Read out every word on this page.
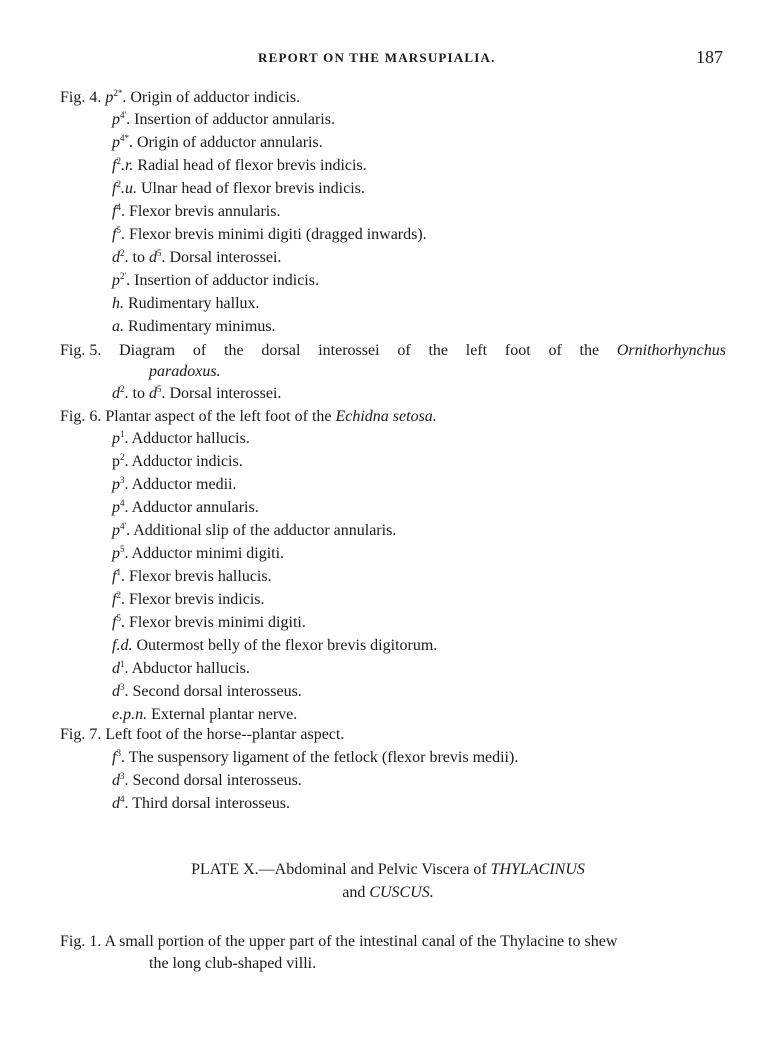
REPORT ON THE MARSUPIALIA.	187
Fig. 4. $p^{2*}$. Origin of adductor indicis.
$p^{4'}$. Insertion of adductor annularis.
$p^{4*}$. Origin of adductor annularis.
$f^2.r$. Radial head of flexor brevis indicis.
$f^2.u$. Ulnar head of flexor brevis indicis.
$f^4$. Flexor brevis annularis.
$f^5$. Flexor brevis minimi digiti (dragged inwards).
$d^2$. to $d^5$. Dorsal interossei.
$p^{2'}$. Insertion of adductor indicis.
h. Rudimentary hallux.
a. Rudimentary minimus.
Fig. 5. Diagram of the dorsal interossei of the left foot of the Ornithorhynchus
paradoxus.
$d^2$. to $d^5$. Dorsal interossei.
Fig. 6. Plantar aspect of the left foot of the Echidna setosa.
$p^1$. Adductor hallucis.
$p^2$. Adductor indicis.
$p^3$. Adductor medii.
$p^4$. Adductor annularis.
$p^{4'}$. Additional slip of the adductor annularis.
$p^5$. Adductor minimi digiti.
$f^1$. Flexor brevis hallucis.
$f^2$. Flexor brevis indicis.
$f^5$. Flexor brevis minimi digiti.
f.d. Outermost belly of the flexor brevis digitorum.
$d^1$. Abductor hallucis.
$d^3$. Second dorsal interosseus.
e.p.n. External plantar nerve.
Fig. 7. Left foot of the horse--plantar aspect.
$f^3$. The suspensory ligament of the fetlock (flexor brevis medii).
$d^3$. Second dorsal interosseus.
$d^4$. Third dorsal interosseus.
PLATE X.—Abdominal and Pelvic Viscera of THYLACINUS
and CUSCUS.
Fig. 1. A small portion of the upper part of the intestinal canal of the Thylacine to shew
the long club-shaped villi.
